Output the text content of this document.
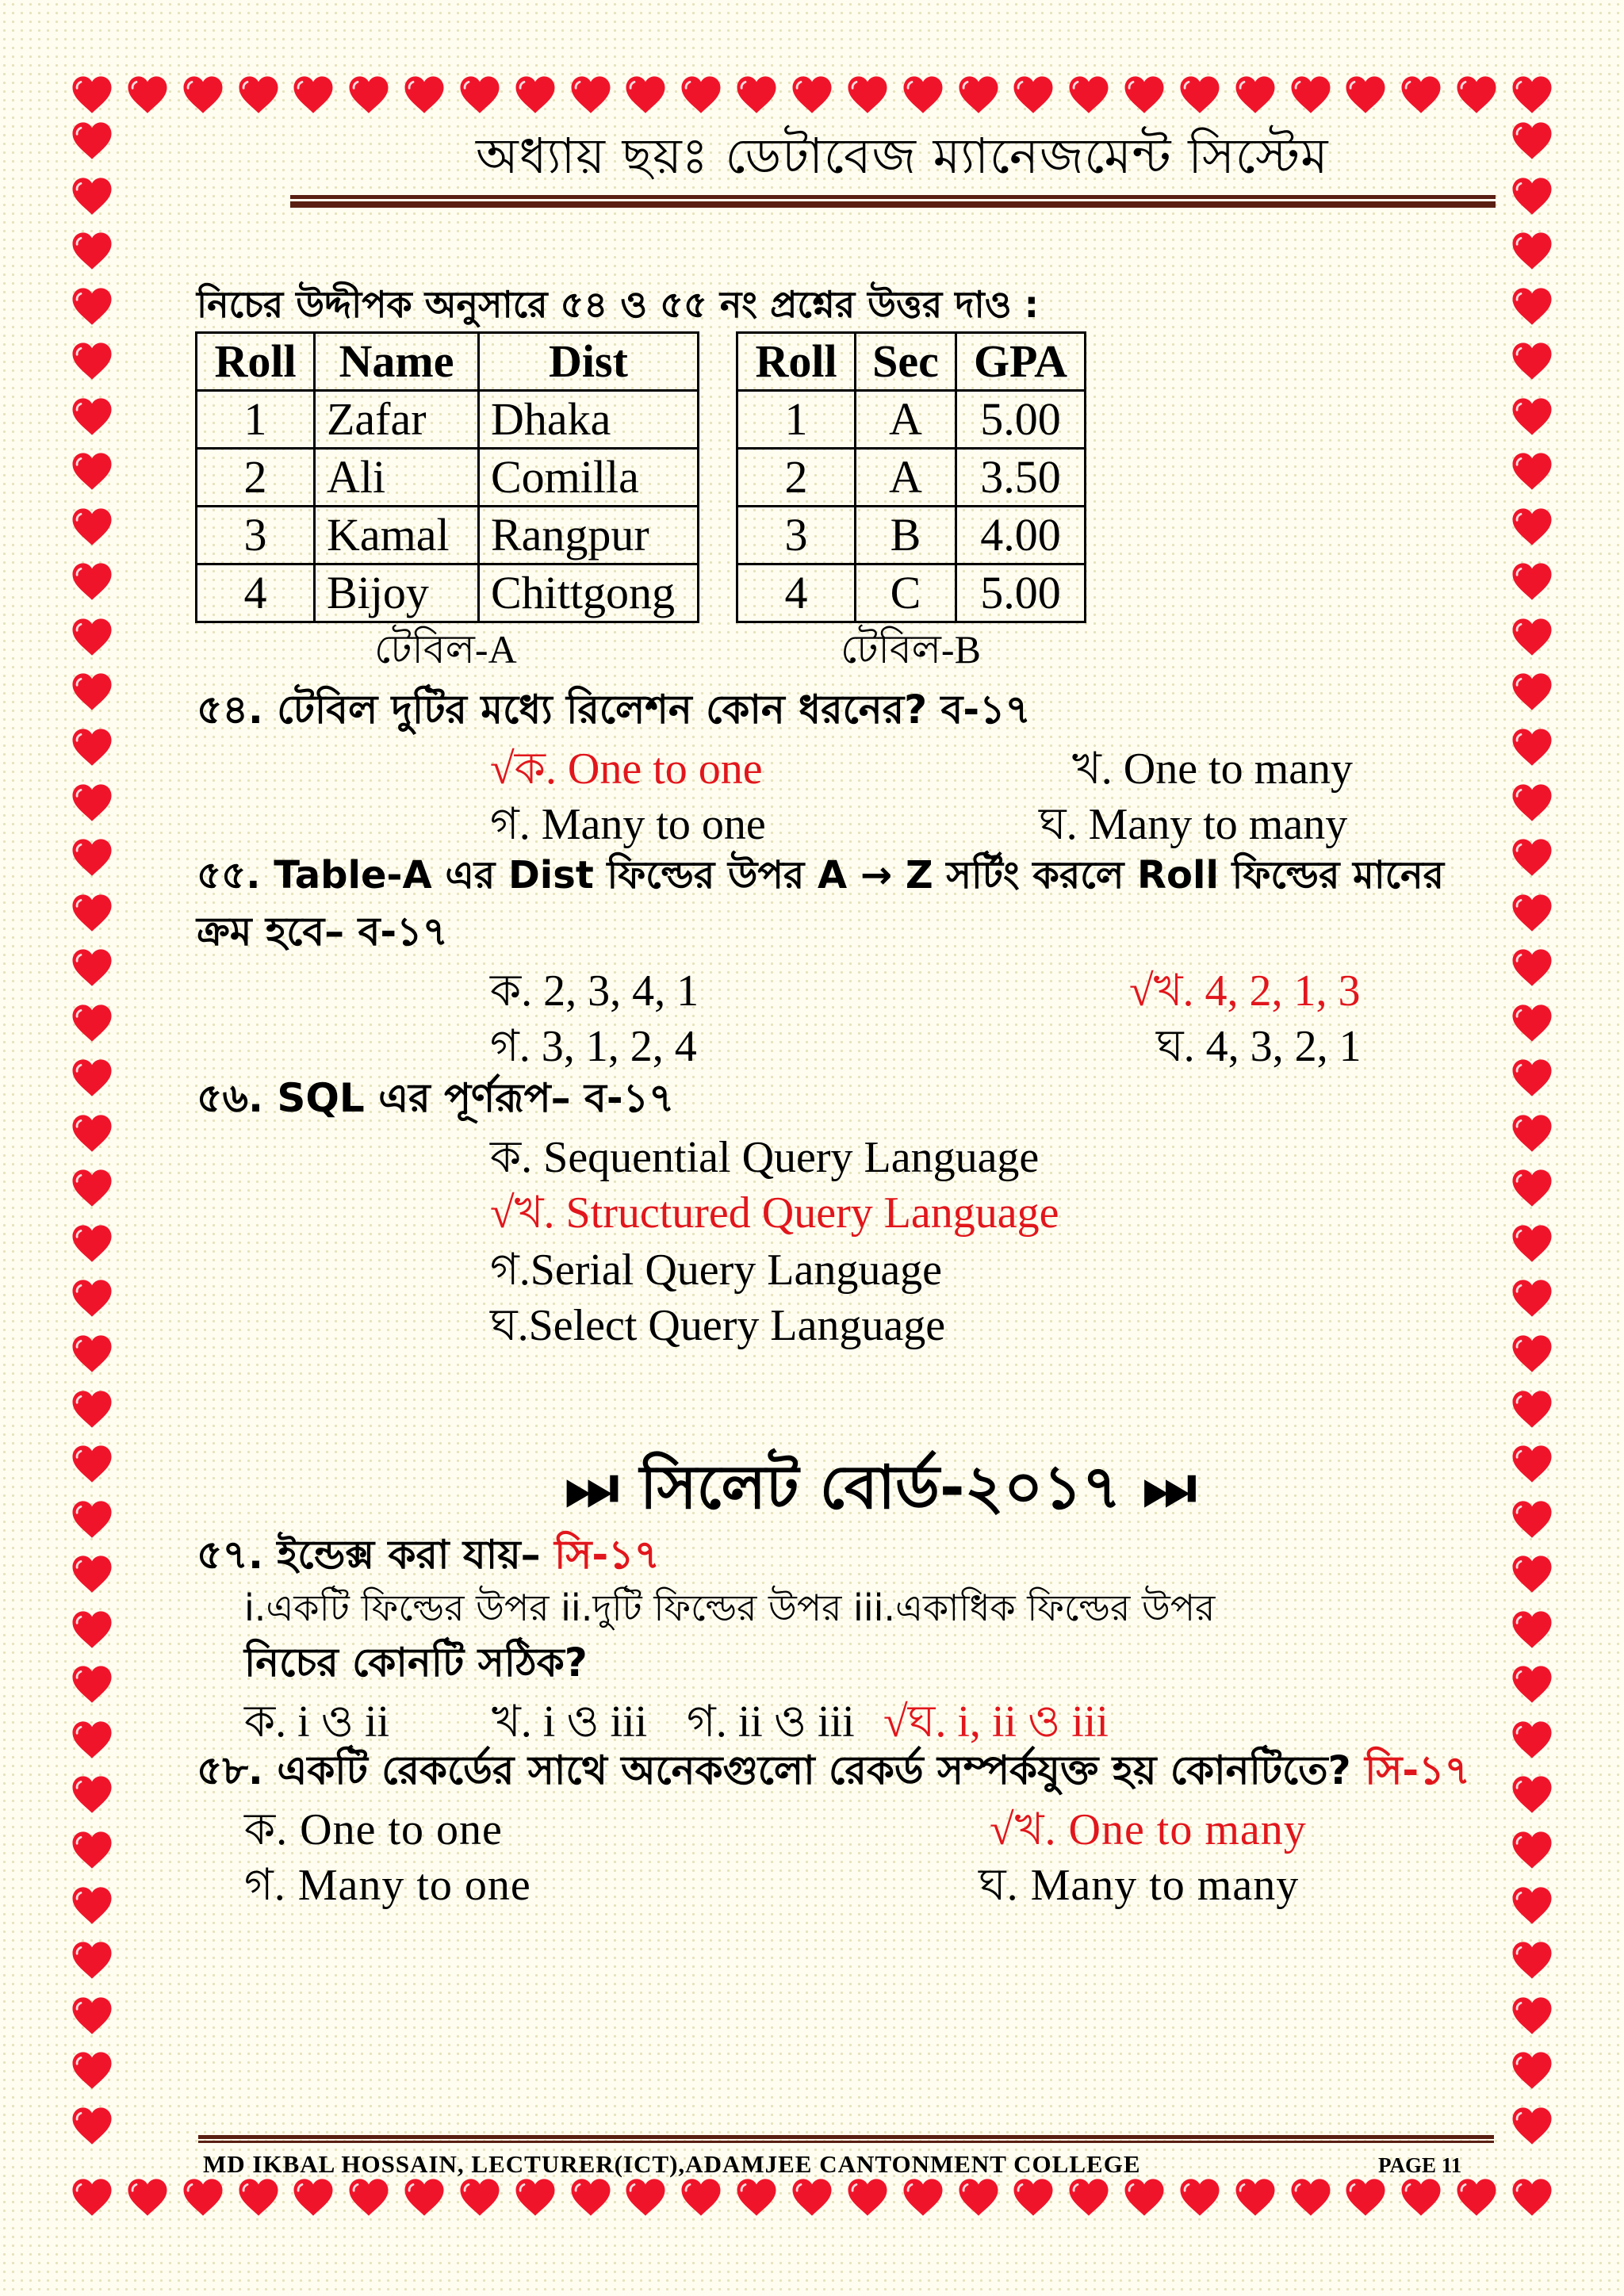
অধ্যায় ছয়ঃ ডেটাবেজ ম্যানেজমেন্ট সিস্টেম
নিচের উদ্দীপক অনুসারে ৫৪ ও ৫৫ নং প্রশ্নের উত্তর দাও :
Roll	Name	Dist
1	Zafar	Dhaka
2	Ali	Comilla
3	Kamal	Rangpur
4	Bijoy	Chittgong
টেবিল-A
Roll	Sec	GPA
1	A	5.00
2	A	3.50
3	B	4.00
4	C	5.00
টেবিল-B
৫৪. টেবিল দুটির মধ্যে রিলেশন কোন ধরনের? ব-১৭
√ক. One to one	খ. One to many
গ. Many to one	ঘ. Many to many
৫৫. Table-A এর Dist ফিল্ডের উপর A → Z সর্টিং করলে Roll ফিল্ডের মানের
ক্রম হবে– ব-১৭
ক. 2, 3, 4, 1	√খ. 4, 2, 1, 3
গ. 3, 1, 2, 4	ঘ. 4, 3, 2, 1
৫৬. SQL এর পূর্ণরূপ– ব-১৭
ক. Sequential Query Language
√খ. Structured Query Language
গ.Serial Query Language
ঘ.Select Query Language
⏭ সিলেট বোর্ড-২০১৭ ⏭
৫৭. ইন্ডেক্স করা যায়– সি-১৭
i.একটি ফিল্ডের উপর ii.দুটি ফিল্ডের উপর iii.একাধিক ফিল্ডের উপর
নিচের কোনটি সঠিক?
ক. i ও ii খ. i ও iii গ. ii ও iii √ঘ. i, ii ও iii
৫৮. একটি রেকর্ডের সাথে অনেকগুলো রেকর্ড সম্পর্কযুক্ত হয় কোনটিতে? সি-১৭
ক. One to one	√খ. One to many
গ. Many to one	ঘ. Many to many
MD IKBAL HOSSAIN, LECTURER(ICT),ADAMJEE CANTONMENT COLLEGE	PAGE 11
